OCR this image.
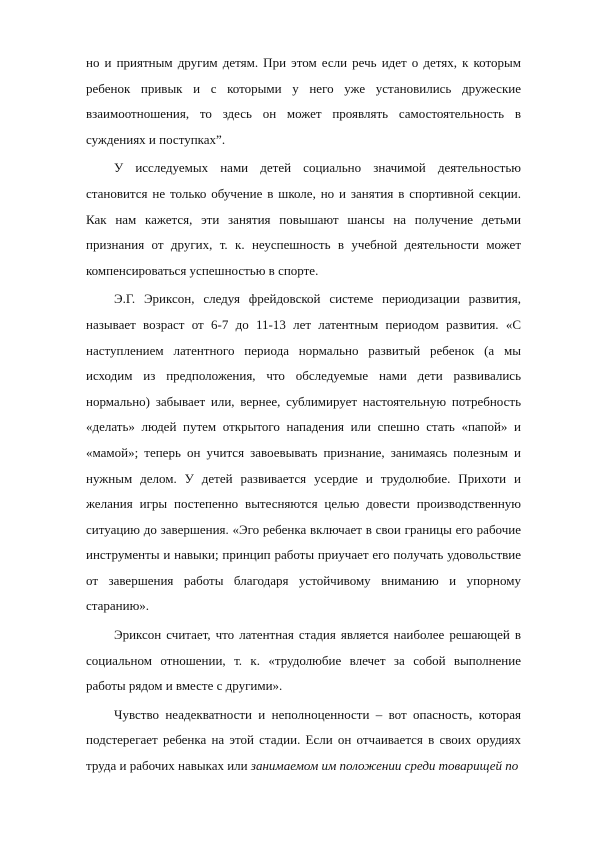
но и приятным другим детям. При этом если речь идет о детях, к которым ребенок привык и с которыми у него уже установились дружеские взаимоотношения, то здесь он может проявлять самостоятельность в суждениях и поступках”.

У исследуемых нами детей социально значимой деятельностью становится не только обучение в школе, но и занятия в спортивной секции. Как нам кажется, эти занятия повышают шансы на получение детьми признания от других, т. к. неуспешность в учебной деятельности может компенсироваться успешностью в спорте.

Э.Г. Эриксон, следуя фрейдовской системе периодизации развития, называет возраст от 6-7 до 11-13 лет латентным периодом развития. «С наступлением латентного периода нормально развитый ребенок (а мы исходим из предположения, что обследуемые нами дети развивались нормально) забывает или, вернее, сублимирует настоятельную потребность «делать» людей путем открытого нападения или спешно стать «папой» и «мамой»; теперь он учится завоевывать признание, занимаясь полезным и нужным делом. У детей развивается усердие и трудолюбие. Прихоти и желания игры постепенно вытесняются целью довести производственную ситуацию до завершения. «Эго ребенка включает в свои границы его рабочие инструменты и навыки; принцип работы приучает его получать удовольствие от завершения работы благодаря устойчивому вниманию и упорному старанию».

Эриксон считает, что латентная стадия является наиболее решающей в социальном отношении, т. к. «трудолюбие влечет за собой выполнение работы рядом и вместе с другими».

Чувство неадекватности и неполноценности – вот опасность, которая подстерегает ребенка на этой стадии. Если он отчаивается в своих орудиях труда и рабочих навыках или занимаемом им положении среди товарищей по
